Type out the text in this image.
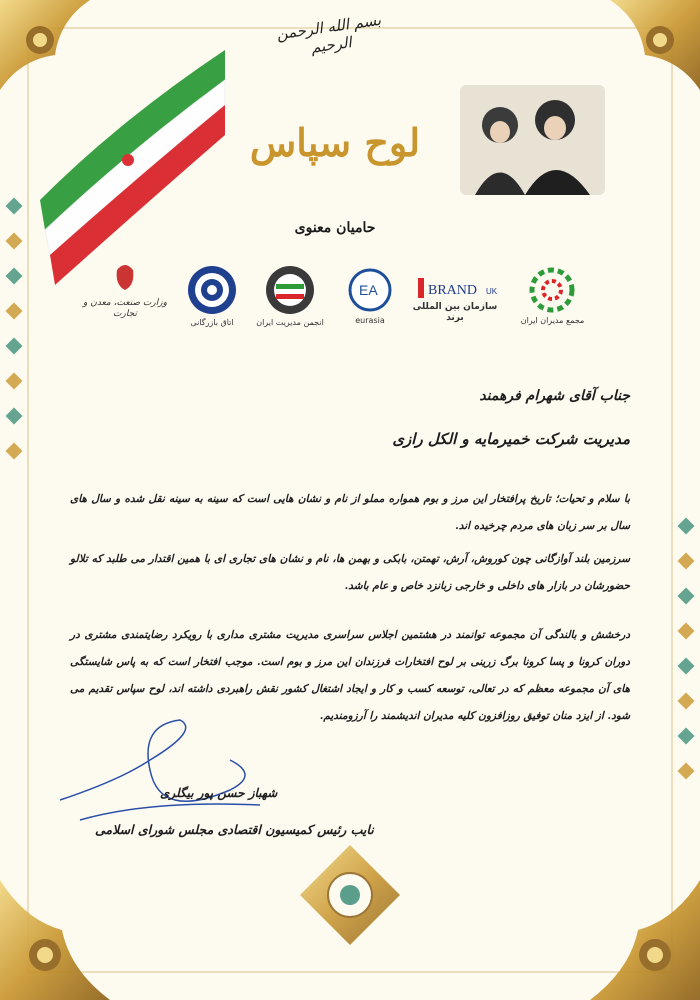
BRAND UK
EA
بسم الله الرحمن الرحیم
لوح سپاس
حامیان معنوی
مجمع مدیران ایران
سازمان بین المللی برند
eurasia
انجمن مدیریت ایران
اتاق بازرگانی
وزارت صنعت، معدن و تجارت
جناب آقای شهرام فرهمند
مدیریت شرکت خمیرمایه و الکل رازی
با سلام و تحیات؛ تاریخ پرافتخار این مرز و بوم همواره مملو از نام و نشان هایی است که سینه به سینه نقل شده و سال های سال بر سر زبان های مردم چرخیده اند.
سرزمین بلند آوازگانی چون کوروش، آرش، تهمتن، بابکی و بهمن ها، نام و نشان های تجاری ای با همین اقتدار می طلبد که تلالو حضورشان در بازار های داخلی و خارجی زبانزد خاص و عام باشد.
درخشش و بالندگی آن مجموعه توانمند در هشتمین اجلاس سراسری مدیریت مشتری مداری با رویکرد رضایتمندی مشتری در دوران کرونا و پسا کرونا برگ زرینی بر لوح افتخارات فرزندان این مرز و بوم است. موجب افتخار است که به پاس شایستگی های آن مجموعه معظم که در تعالی، توسعه کسب و کار و ایجاد اشتغال کشور نقش راهبردی داشته اند، لوح سپاس تقدیم می شود. از ایزد منان توفیق روزافزون کلیه مدیران اندیشمند را آرزومندیم.
شهباز حسن پور بیگلری
نایب رئیس کمیسیون اقتصادی مجلس شورای اسلامی
